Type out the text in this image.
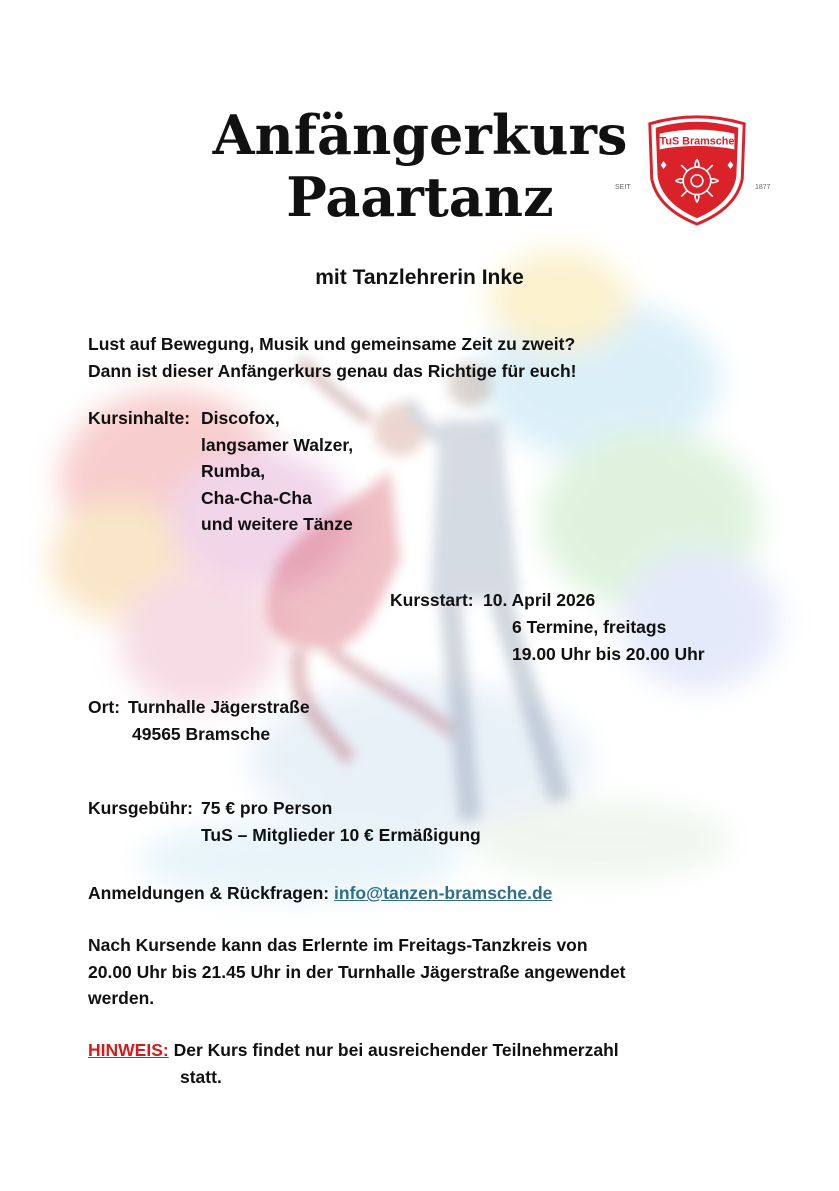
Anfängerkurs
Paartanz
TuS Bramsche
SEIT	1877
mit Tanzlehrerin Inke
Lust auf Bewegung, Musik und gemeinsame Zeit zu zweit?
Dann ist dieser Anfängerkurs genau das Richtige für euch!
Kursinhalte: Discofox,
langsamer Walzer,
Rumba,
Cha-Cha-Cha
und weitere Tänze
Kursstart: 10. April 2026
6 Termine, freitags
19.00 Uhr bis 20.00 Uhr
Ort: Turnhalle Jägerstraße
49565 Bramsche
Kursgebühr: 75 € pro Person
TuS – Mitglieder 10 € Ermäßigung
Anmeldungen & Rückfragen: info@tanzen-bramsche.de
Nach Kursende kann das Erlernte im Freitags-Tanzkreis von
20.00 Uhr bis 21.45 Uhr in der Turnhalle Jägerstraße angewendet
werden.
HINWEIS: Der Kurs findet nur bei ausreichender Teilnehmerzahl
statt.
